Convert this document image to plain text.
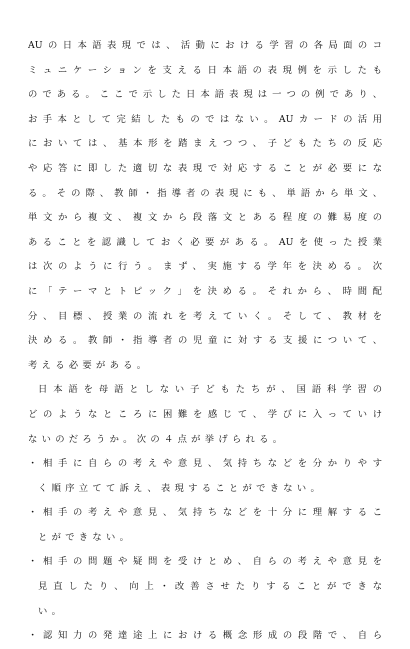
AUの日本語表現では、活動における学習の各局面のコ
ミュニケーションを支える日本語の表現例を示したも
のである。ここで示した日本語表現は一つの例であり、
お手本として完結したものではない。AUカードの活用
においては、基本形を踏まえつつ、子どもたちの反応
や応答に即した適切な表現で対応することが必要にな
る。その際、教師・指導者の表現にも、単語から単文、
単文から複文、複文から段落文とある程度の難易度の
あることを認識しておく必要がある。AUを使った授業
は次のように行う。まず、実施する学年を決める。次
に「テーマとトピック」を決める。それから、時間配
分、目標、授業の流れを考えていく。そして、教材を
決める。教師・指導者の児童に対する支援について、
考える必要がある。
日本語を母語としない子どもたちが、国語科学習の
どのようなところに困難を感じて、学びに入っていけ
ないのだろうか。次の４点が挙げられる。
・相手に自らの考えや意見、気持ちなどを分かりやす
く順序立てて訴え、表現することができない。
・相手の考えや意見、気持ちなどを十分に理解するこ
とができない。
・相手の問題や疑問を受けとめ、自らの考えや意見を
見直したり、向上・改善させたりすることができな
い。
・認知力の発達途上における概念形成の段階で、自ら
